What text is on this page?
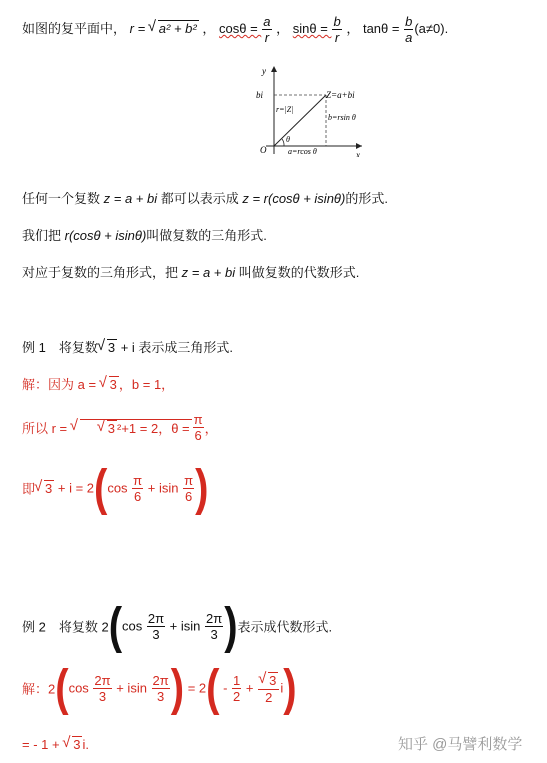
如图的复平面中， r = √ a² + b² ， $\cos\theta = \frac{a}{r}$ ， $\sin\theta = \frac{b}{r}$ ， $\tan\theta = \frac{b}{a} (a\ne 0)$.
y
x
O
bi	Z=a+bi
r=|Z|
θ
b=rsin θ
a=rcos θ
任何一个复数 z = a + bi 都可以表示成 z = r(cosθ + isinθ)的形式.
我们把 r(cosθ + isinθ)叫做复数的三角形式.
对应于复数的三角形式，把 z = a + bi 叫做复数的代数形式.
例 1　将复数 √ 3 + i 表示成三角形式.
解：因为 a = √ 3 ，b = 1，
所以 r =	√ √ 3 ²+1 = 2，$\theta = \frac{\pi}{6}$ ，
即 √ $3 + i = 2(\cos \frac{\pi}{6} + isin \frac{\pi}{6}$ )
例 2　将复数 $2(\cos \frac{2\pi}{3} + isin \frac{2\pi}{3}$ )表示成代数形式.
解：$2(\cos \frac{2\pi}{3} + isin \frac{2\pi}{3}$ ) = $2( - \frac{1}{2}$ + √ $\frac{3}{2} i$)
= - 1 + √ 3 i.	知乎 @马譬利数学
